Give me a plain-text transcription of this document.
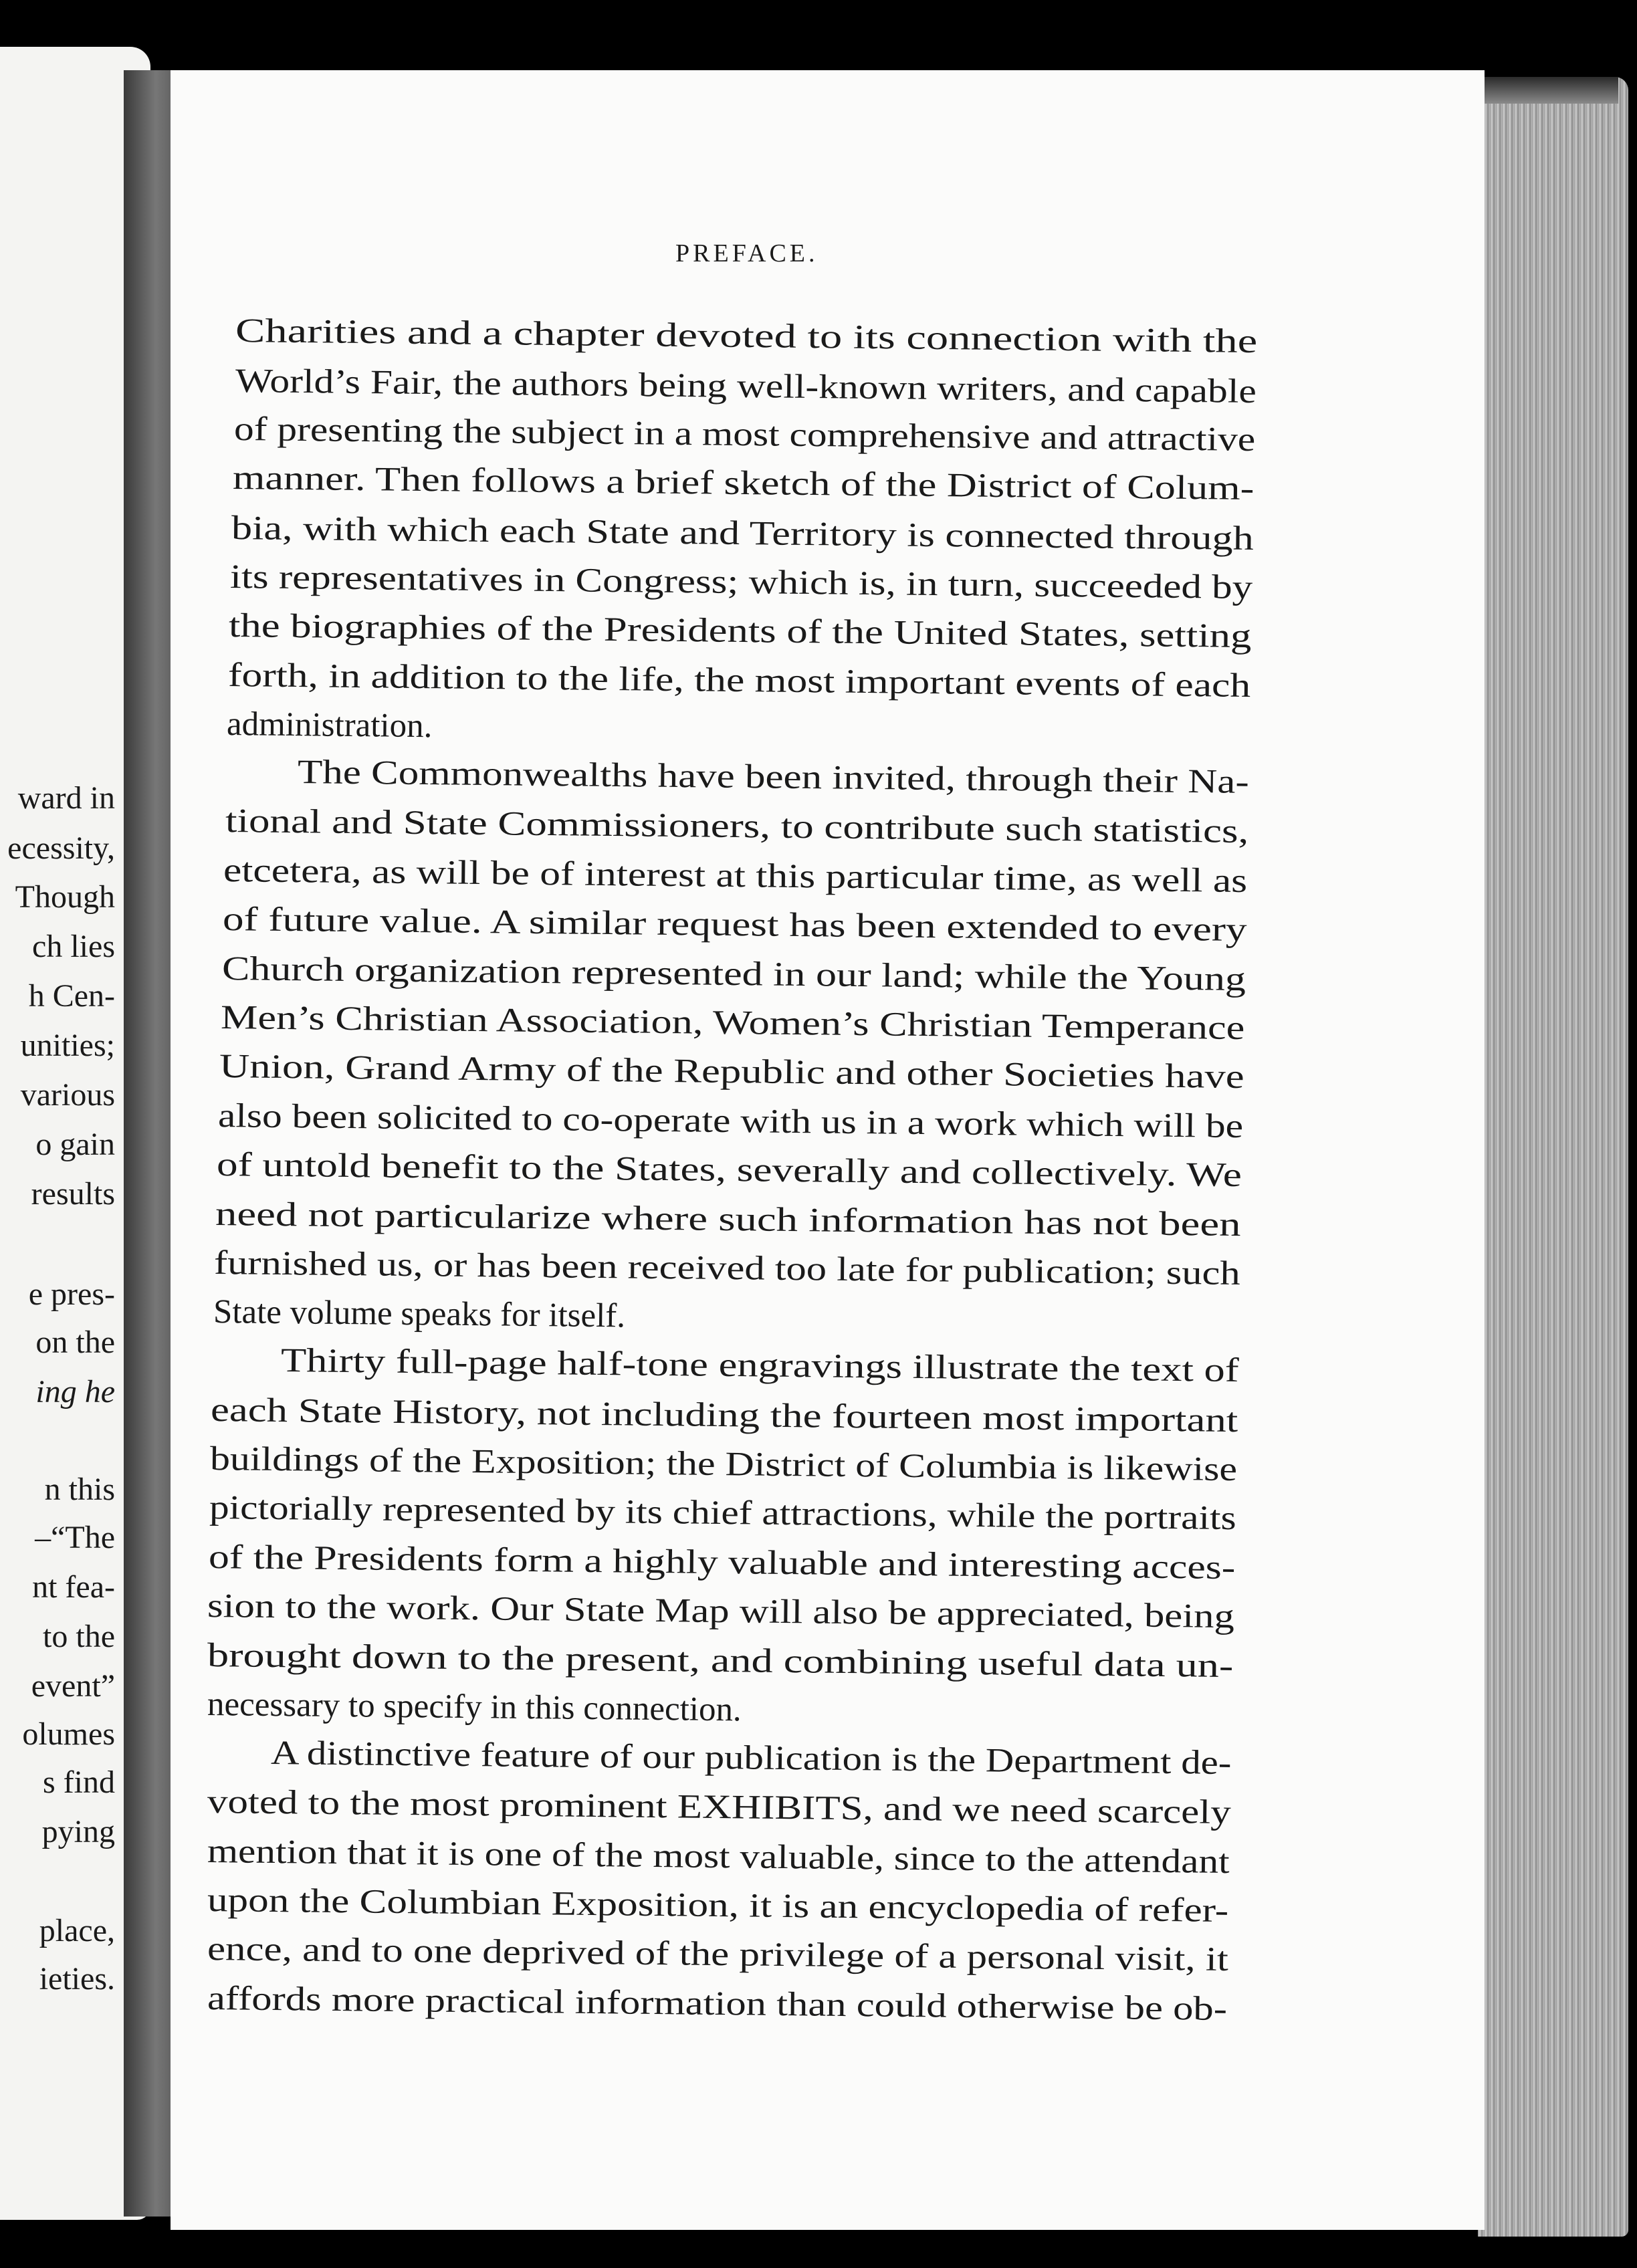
ward in
ecessity,
Though
ch lies
h Cen-
unities;
various
o gain
results
e pres-
on the
ing he
n this
–“The
nt fea-
to the
event”
olumes
s find
pying
place,
ieties.
PREFACE.
Charities and a chapter devoted to its connection with the
World’s Fair, the authors being well-known writers, and capable
of presenting the subject in a most comprehensive and attractive
manner. Then follows a brief sketch of the District of Colum-
bia, with which each State and Territory is connected through
its representatives in Congress; which is, in turn, succeeded by
the biographies of the Presidents of the United States, setting
forth, in addition to the life, the most important events of each
administration.
The Commonwealths have been invited, through their Na-
tional and State Commissioners, to contribute such statistics,
etcetera, as will be of interest at this particular time, as well as
of future value. A similar request has been extended to every
Church organization represented in our land; while the Young
Men’s Christian Association, Women’s Christian Temperance
Union, Grand Army of the Republic and other Societies have
also been solicited to co-operate with us in a work which will be
of untold benefit to the States, severally and collectively. We
need not particularize where such information has not been
furnished us, or has been received too late for publication; such
State volume speaks for itself.
Thirty full-page half-tone engravings illustrate the text of
each State History, not including the fourteen most important
buildings of the Exposition; the District of Columbia is likewise
pictorially represented by its chief attractions, while the portraits
of the Presidents form a highly valuable and interesting acces-
sion to the work. Our State Map will also be appreciated, being
brought down to the present, and combining useful data un-
necessary to specify in this connection.
A distinctive feature of our publication is the Department de-
voted to the most prominent EXHIBITS, and we need scarcely
mention that it is one of the most valuable, since to the attendant
upon the Columbian Exposition, it is an encyclopedia of refer-
ence, and to one deprived of the privilege of a personal visit, it
affords more practical information than could otherwise be ob-
